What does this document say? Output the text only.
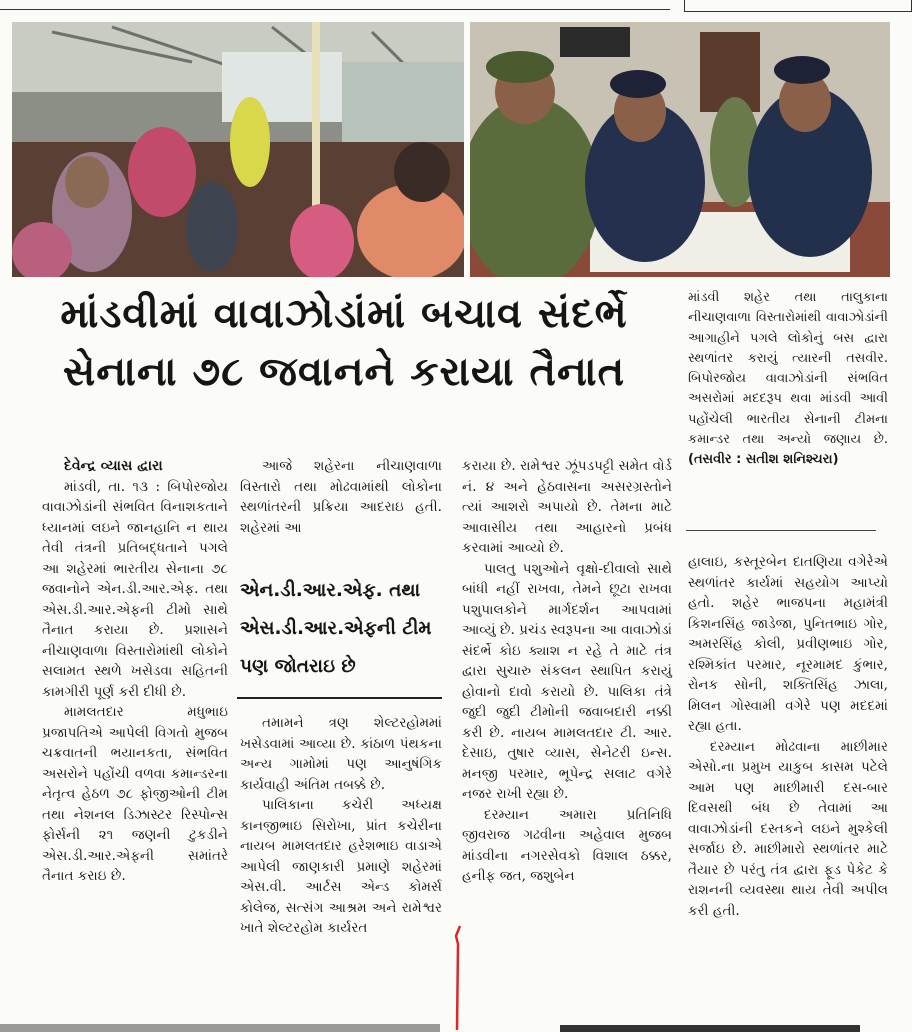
માંડવીમાં વાવાઝોડાંમાં બચાવ સંદર્ભે
સેનાના ૭૮ જવાનને કરાયા તૈનાત
માંડવી શહેર તથા તાલુકાના નીચાણવાળા વિસ્તારોમાંથી વાવાઝોડાંની આગાહીને પગલે લોકોનું બસ દ્વારા સ્થળાંતર કરાયું ત્યારની તસવીર. બિપોરજોય વાવાઝોડાંની સંભવિત અસરોમાં મદદરૂપ થવા માંડવી આવી પહોંચેલી ભારતીય સેનાની ટીમના કમાન્ડર તથા અન્યો જણાય છે. (તસવીર : સતીશ શનિશ્ચરા)

દેવેન્દ્ર વ્યાસ દ્વારા

માંડવી, તા. ૧૩ : બિપોરજોય વાવાઝોડાંની સંભવિત વિનાશકતાને ધ્યાનમાં લઇને જાનહાનિ ન થાય તેવી તંત્રની પ્રતિબદ્ધતાને પગલે આ શહેરમાં ભારતીય સેનાના ૭૮ જવાનોને એન.ડી.આર.એફ. તથા એસ.ડી.આર.એફની ટીમો સાથે તૈનાત કરાયા છે. પ્રશાસને નીચાણવાળા વિસ્તારોમાંથી લોકોને સલામત સ્થળે ખસેડવા સહિતની કામગીરી પૂર્ણ કરી દીધી છે.

મામલતદાર મધુભાઇ પ્રજાપતિએ આપેલી વિગતો મુજબ ચક્રવાતની ભયાનકતા, સંભવિત અસરોને પહોંચી વળવા કમાન્ડરના નેતૃત્વ હેઠળ ૭૮ ફોજીઓની ટીમ તથા નેશનલ ડિઝાસ્ટર રિસ્પોન્સ ફોર્સની ૨૧ જણની ટુકડીને એસ.ડી.આર.એફની સમાંતરે તૈનાત કરાઇ છે.

આજે શહેરના નીચાણવાળા વિસ્તારો તથા મોઢવામાંથી લોકોના સ્થળાંતરની પ્રક્રિયા આદરાઇ હતી. શહેરમાં આ

એન.ડી.આર.એફ. તથા એસ.ડી.આર.એફની ટીમ પણ જોતરાઇ છે

તમામને ત્રણ શેલ્ટરહોમમાં ખસેડવામાં આવ્યા છે. કાંઠાળ પંથકના અન્ય ગામોમાં પણ આનુષંગિક કાર્યવાહી અંતિમ તબક્કે છે.

પાલિકાના કચેરી અધ્યક્ષ કાનજીભાઇ સિરોખા, પ્રાંત કચેરીના નાયબ મામલતદાર હરેશભાઇ વાડાએ આપેલી જાણકારી પ્રમાણે શહેરમાં એસ.વી. આર્ટસ એન્ડ કોમર્સ કોલેજ, સત્સંગ આશ્રમ અને રામેશ્વર ખાતે શેલ્ટરહોમ કાર્યરત

કરાયા છે. રામેશ્વર ઝૂંપડપટ્ટી સમેત વોર્ડ નં. ૪ અને હેઠવાસના અસરગ્રસ્તોને ત્યાં આશરો અપાયો છે. તેમના માટે આવાસીય તથા આહારનો પ્રબંધ કરવામાં આવ્યો છે.

પાલતુ પશુઓને વૃક્ષો-દીવાલો સાથે બાંધી નહીં રાખવા, તેમને છૂટા રાખવા પશુપાલકોને માર્ગદર્શન આપવામાં આવ્યું છે. પ્રચંડ સ્વરૂપના આ વાવાઝોડાં સંદર્ભે કોઇ ક્યાશ ન રહે તે માટે તંત્ર દ્વારા સુચારુ સંકલન સ્થાપિત કરાયું હોવાનો દાવો કરાયો છે. પાલિકા તંત્રે જુદી જુદી ટીમોની જવાબદારી નક્કી કરી છે. નાયબ મામલતદાર ટી. આર. દેસાઇ, તુષાર વ્યાસ, સેનેટરી ઇન્સ. મનજી પરમાર, ભૂપેન્દ્ર સલાટ વગેરે નજર રાખી રહ્યા છે.

દરમ્યાન અમારા પ્રતિનિધિ જીવરાજ ગઢવીના અહેવાલ મુજબ માંડવીના નગરસેવકો વિશાલ ઠક્કર, હનીફ જત, જશુબેન

હાલાઇ, કસ્તૂરબેન દાતણિયા વગેરેએ સ્થળાંતર કાર્યમાં સહયોગ આપ્યો હતો. શહેર ભાજપના મહામંત્રી કિશનસિંહ જાડેજા, પુનિતભાઇ ગોર, અમરસિંહ કોલી, પ્રવીણભાઇ ગોર, રશ્મિકાંત પરમાર, નૂરમામદ કુંભાર, રોનક સોની, શક્તિસિંહ ઝાલા, મિલન ગોસ્વામી વગેરે પણ મદદમાં રહ્યા હતા.

દરમ્યાન મોઢવાના માછીમાર એસો.ના પ્રમુખ યાકુબ કાસમ પટેલે આમ પણ માછીમારી દસ-બાર દિવસથી બંધ છે તેવામાં આ વાવાઝોડાંની દસ્તકને લઇને મુશ્કેલી સર્જાઇ છે. માછીમારો સ્થળાંતર માટે તૈયાર છે પરંતુ તંત્ર દ્વારા ફૂડ પેકેટ કે રાશનની વ્યવસ્થા થાય તેવી અપીલ કરી હતી.
